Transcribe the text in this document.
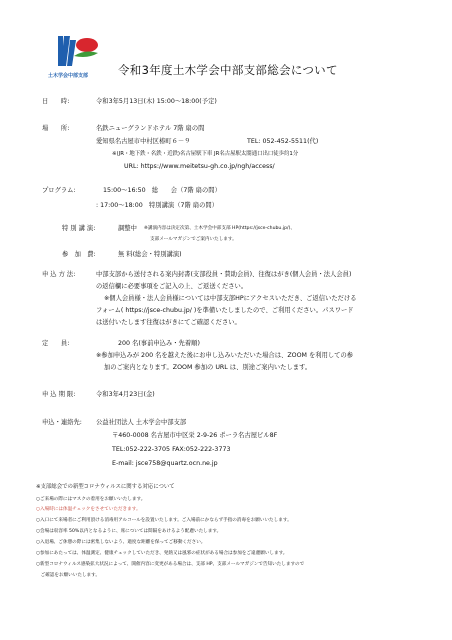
土木学会中部支部	令和3年度土木学会中部支部総会について
日　　時:	令和3年5月13日(木) 15:00～18:00(予定)
場　　所:	名鉄ニューグランドホテル 7階 扇の間
愛知県名古屋市中村区椿町６－９	TEL: 052-452-5511(代)
※(JR・地下鉄・名鉄・近鉄)名古屋駅下車 JR名古屋駅太閤通口出口徒歩約1分
URL: https://www.meitetsu-gh.co.jp/ngh/access/
プログラム:	15:00～16:50　総　　会（7階 扇の間）
: 17:00～18:00　特別講演（7階 扇の間）
特 別 講 演:	調整中 ※講演内容は決定次第、土木学会中部支部 HP(https://jsce-chubu.jp/)、
支部メールマガジンでご案内いたします。
参　加　費:	無 料(総会・特別講演)
申 込 方 法:	中部支部から送付される案内封書(支部役員・賛助会員)、往復はがき(個人会員・法人会員)
の返信欄に必要事項をご記入の上、ご返送ください。
※個人会員様・法人会員様については中部支部HPにアクセスいただき、ご返信いただける
フォーム( https://jsce-chubu.jp/ )を準備いたしましたので、ご利用ください。パスワード
は送付いたします往復はがきにてご確認ください。
定　　員:	200 名(事前申込み・先着順)
※参加申込みが 200 名を越えた後にお申し込みいただいた場合は、ZOOM を利用しての参
加のご案内となります。ZOOM 参加の URL は、別途ご案内いたします。
申 込 期 限:	令和3年4月23日(金)
申込・連絡先: 公益社団法人 土木学会中部支部
〒460-0008 名古屋市中区栄 2-9-26 ポーラ名古屋ビル8F
TEL:052-222-3705 FAX:052-222-3773
E-mail: jsce758@quartz.ocn.ne.jp
※支部総会での新型コロナウィルスに関する対応について
○ご来場の際にはマスクの着用をお願いいたします。
○入場時には体温チェックをさせていただきます。
○入口にて来場者にご利用頂ける消毒用アルコールを設置いたします。ご入場前にかならず手指の消毒をお願いいたします。
○会場は収容率 50%以内となるように、席については間隔をあけるよう配慮いたします。
○入退場、ご休憩の際には密集しないよう、適度な距離を保ってご移動ください。
○参加にあたっては、体温測定、健康チェックしていただき、発熱又は風邪の症状がある場合は参加をご遠慮願いします。
○新型コロナウィルス感染拡大状況によって、開催内容に変更がある場合は、支部 HP、支部メールマガジンで告知いたしますので
　ご確認をお願いいたします。
